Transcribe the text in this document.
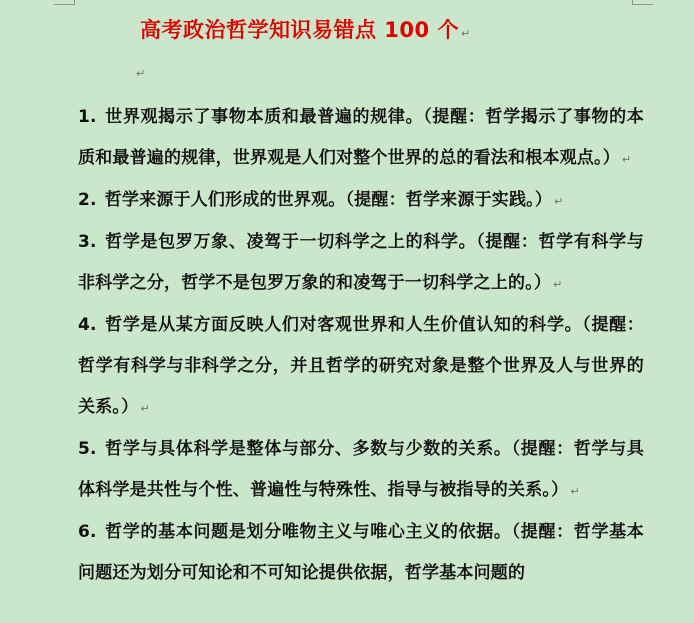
高考政治哲学知识易错点 100 个 ↵
↵

1. 世界观揭示了事物本质和最普遍的规律。（提醒：哲学揭示了事物的本质和最普遍的规律，世界观是人们对整个世界的总的看法和根本观点。） ↵

2. 哲学来源于人们形成的世界观。（提醒：哲学来源于实践。） ↵

3. 哲学是包罗万象、凌驾于一切科学之上的科学。（提醒：哲学有科学与非科学之分，哲学不是包罗万象的和凌驾于一切科学之上的。） ↵

4. 哲学是从某方面反映人们对客观世界和人生价值认知的科学。（提醒：哲学有科学与非科学之分，并且哲学的研究对象是整个世界及人与世界的关系。） ↵

5. 哲学与具体科学是整体与部分、多数与少数的关系。（提醒：哲学与具体科学是共性与个性、普遍性与特殊性、指导与被指导的关系。） ↵

6. 哲学的基本问题是划分唯物主义与唯心主义的依据。（提醒：哲学基本问题还为划分可知论和不可知论提供依据，哲学基本问题的
